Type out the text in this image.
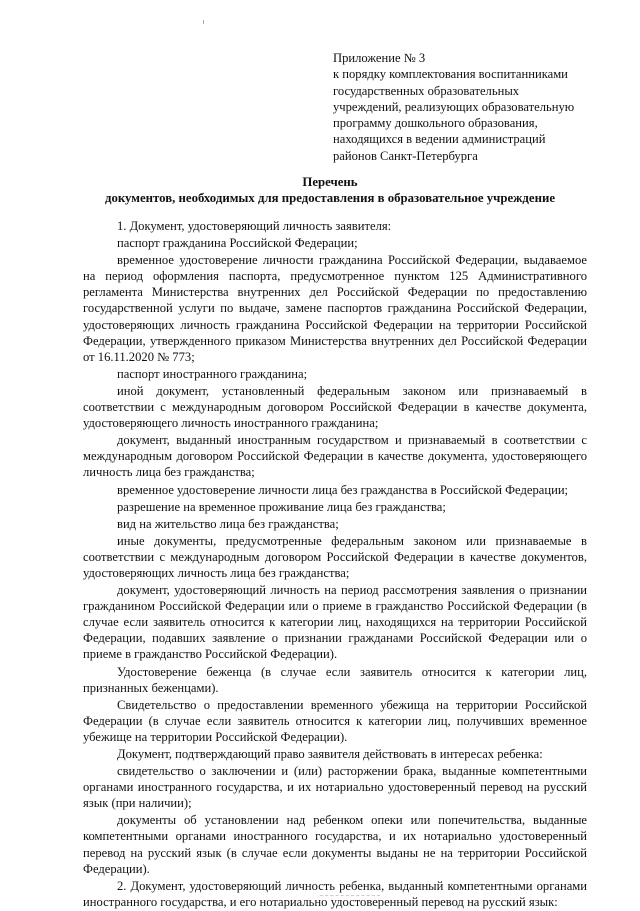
Приложение № 3
к порядку комплектования воспитанниками
государственных образовательных
учреждений, реализующих образовательную
программу дошкольного образования,
находящихся в ведении администраций
районов Санкт-Петербурга
Перечень
документов, необходимых для предоставления в образовательное учреждение

1. Документ, удостоверяющий личность заявителя:

паспорт гражданина Российской Федерации;

временное удостоверение личности гражданина Российской Федерации, выдаваемое на период оформления паспорта, предусмотренное пунктом 125 Административного регламента Министерства внутренних дел Российской Федерации по предоставлению государственной услуги по выдаче, замене паспортов гражданина Российской Федерации, удостоверяющих личность гражданина Российской Федерации на территории Российской Федерации, утвержденного приказом Министерства внутренних дел Российской Федерации от 16.11.2020 № 773;

паспорт иностранного гражданина;

иной документ, установленный федеральным законом или признаваемый в соответствии с международным договором Российской Федерации в качестве документа, удостоверяющего личность иностранного гражданина;

документ, выданный иностранным государством и признаваемый в соответствии с международным договором Российской Федерации в качестве документа, удостоверяющего личность лица без гражданства;

временное удостоверение личности лица без гражданства в Российской Федерации;

разрешение на временное проживание лица без гражданства;

вид на жительство лица без гражданства;

иные документы, предусмотренные федеральным законом или признаваемые в соответствии с международным договором Российской Федерации в качестве документов, удостоверяющих личность лица без гражданства;

документ, удостоверяющий личность на период рассмотрения заявления о признании гражданином Российской Федерации или о приеме в гражданство Российской Федерации (в случае если заявитель относится к категории лиц, находящихся на территории Российской Федерации, подавших заявление о признании гражданами Российской Федерации или о приеме в гражданство Российской Федерации).

Удостоверение беженца (в случае если заявитель относится к категории лиц, признанных беженцами).

Свидетельство о предоставлении временного убежища на территории Российской Федерации (в случае если заявитель относится к категории лиц, получивших временное убежище на территории Российской Федерации).

Документ, подтверждающий право заявителя действовать в интересах ребенка:

свидетельство о заключении и (или) расторжении брака, выданные компетентными органами иностранного государства, и их нотариально удостоверенный перевод на русский язык (при наличии);

документы об установлении над ребенком опеки или попечительства, выданные компетентными органами иностранного государства, и их нотариально удостоверенный перевод на русский язык (в случае если документы выданы не на территории Российской Федерации).

2. Документ, удостоверяющий личность ребенка, выданный компетентными органами иностранного государства, и его нотариально удостоверенный перевод на русский язык:
